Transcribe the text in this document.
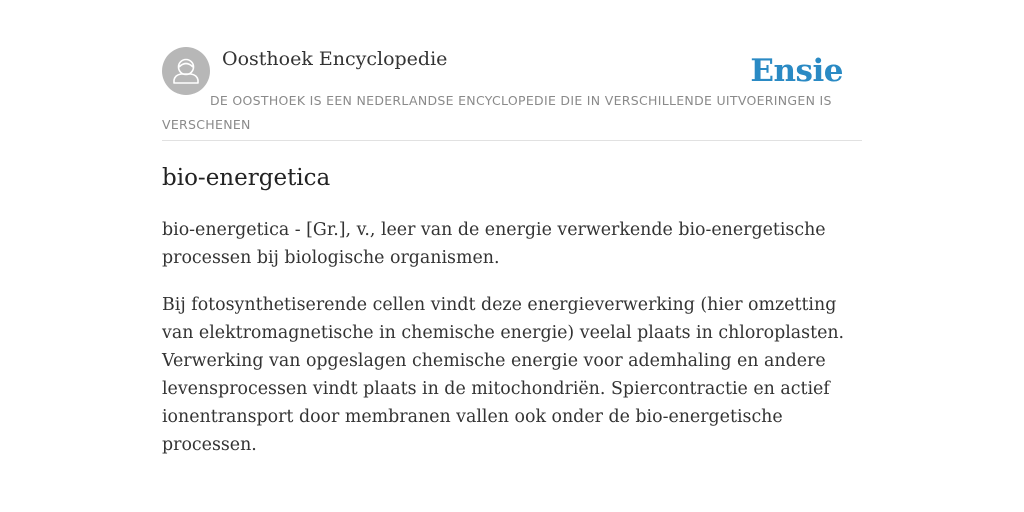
Oosthoek Encyclopedie	Ensie
DE OOSTHOEK IS EEN NEDERLANDSE ENCYCLOPEDIE DIE IN VERSCHILLENDE UITVOERINGEN IS VERSCHENEN
bio-energetica

bio-energetica - [Gr.], v., leer van de energie verwerkende bio-energetische processen bij biologische organismen.

Bij fotosynthetiserende cellen vindt deze energieverwerking (hier omzetting van elektromagnetische in chemische energie) veelal plaats in chloroplasten. Verwerking van opgeslagen chemische energie voor ademhaling en andere levensprocessen vindt plaats in de mitochondriën. Spiercontractie en actief ionentransport door membranen vallen ook onder de bio-energetische processen.
